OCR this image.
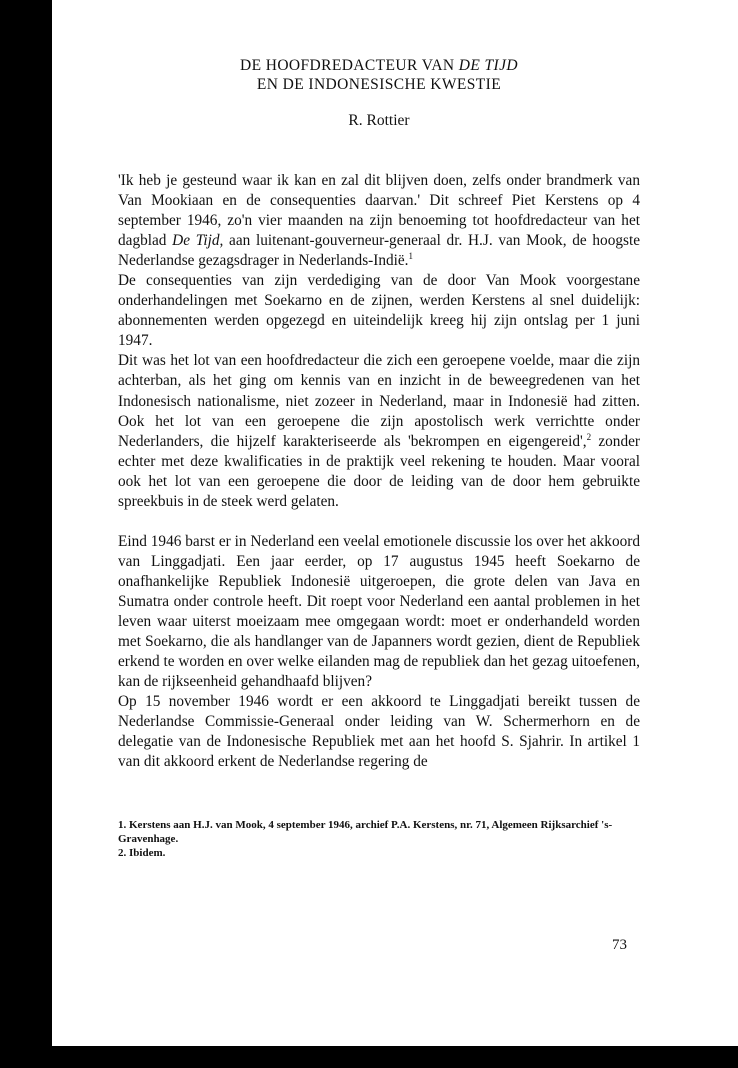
DE HOOFDREDACTEUR VAN DE TIJD
EN DE INDONESISCHE KWESTIE

R. Rottier

'Ik heb je gesteund waar ik kan en zal dit blijven doen, zelfs onder brandmerk van Van Mookiaan en de consequenties daarvan.' Dit schreef Piet Kerstens op 4 september 1946, zo'n vier maanden na zijn benoeming tot hoofdredacteur van het dagblad De Tijd, aan luitenant-gouverneur-generaal dr. H.J. van Mook, de hoogste Nederlandse gezagsdrager in Nederlands-Indië.$^1$

De consequenties van zijn verdediging van de door Van Mook voorgestane onderhandelingen met Soekarno en de zijnen, werden Kerstens al snel duidelijk: abonnementen werden opgezegd en uiteindelijk kreeg hij zijn ontslag per 1 juni 1947.

Dit was het lot van een hoofdredacteur die zich een geroepene voelde, maar die zijn achterban, als het ging om kennis van en inzicht in de beweegredenen van het Indonesisch nationalisme, niet zozeer in Nederland, maar in Indonesië had zitten. Ook het lot van een geroepene die zijn apostolisch werk verrichtte onder Nederlanders, die hijzelf karakteriseerde als 'bekrompen en eigengereid',$^2$ zonder echter met deze kwalificaties in de praktijk veel rekening te houden. Maar vooral ook het lot van een geroepene die door de leiding van de door hem gebruikte spreekbuis in de steek werd gelaten.

Eind 1946 barst er in Nederland een veelal emotionele discussie los over het akkoord van Linggadjati. Een jaar eerder, op 17 augustus 1945 heeft Soekarno de onafhankelijke Republiek Indonesië uitgeroepen, die grote delen van Java en Sumatra onder controle heeft. Dit roept voor Nederland een aantal problemen in het leven waar uiterst moeizaam mee omgegaan wordt: moet er onderhandeld worden met Soekarno, die als handlanger van de Japanners wordt gezien, dient de Republiek erkend te worden en over welke eilanden mag de republiek dan het gezag uitoefenen, kan de rijkseenheid gehandhaafd blijven?

Op 15 november 1946 wordt er een akkoord te Linggadjati bereikt tussen de Nederlandse Commissie-Generaal onder leiding van W. Schermerhorn en de delegatie van de Indonesische Republiek met aan het hoofd S. Sjahrir. In artikel 1 van dit akkoord erkent de Nederlandse regering de

1. Kerstens aan H.J. van Mook, 4 september 1946, archief P.A. Kerstens, nr. 71, Algemeen Rijksarchief 's-Gravenhage.

2. Ibidem.

73
